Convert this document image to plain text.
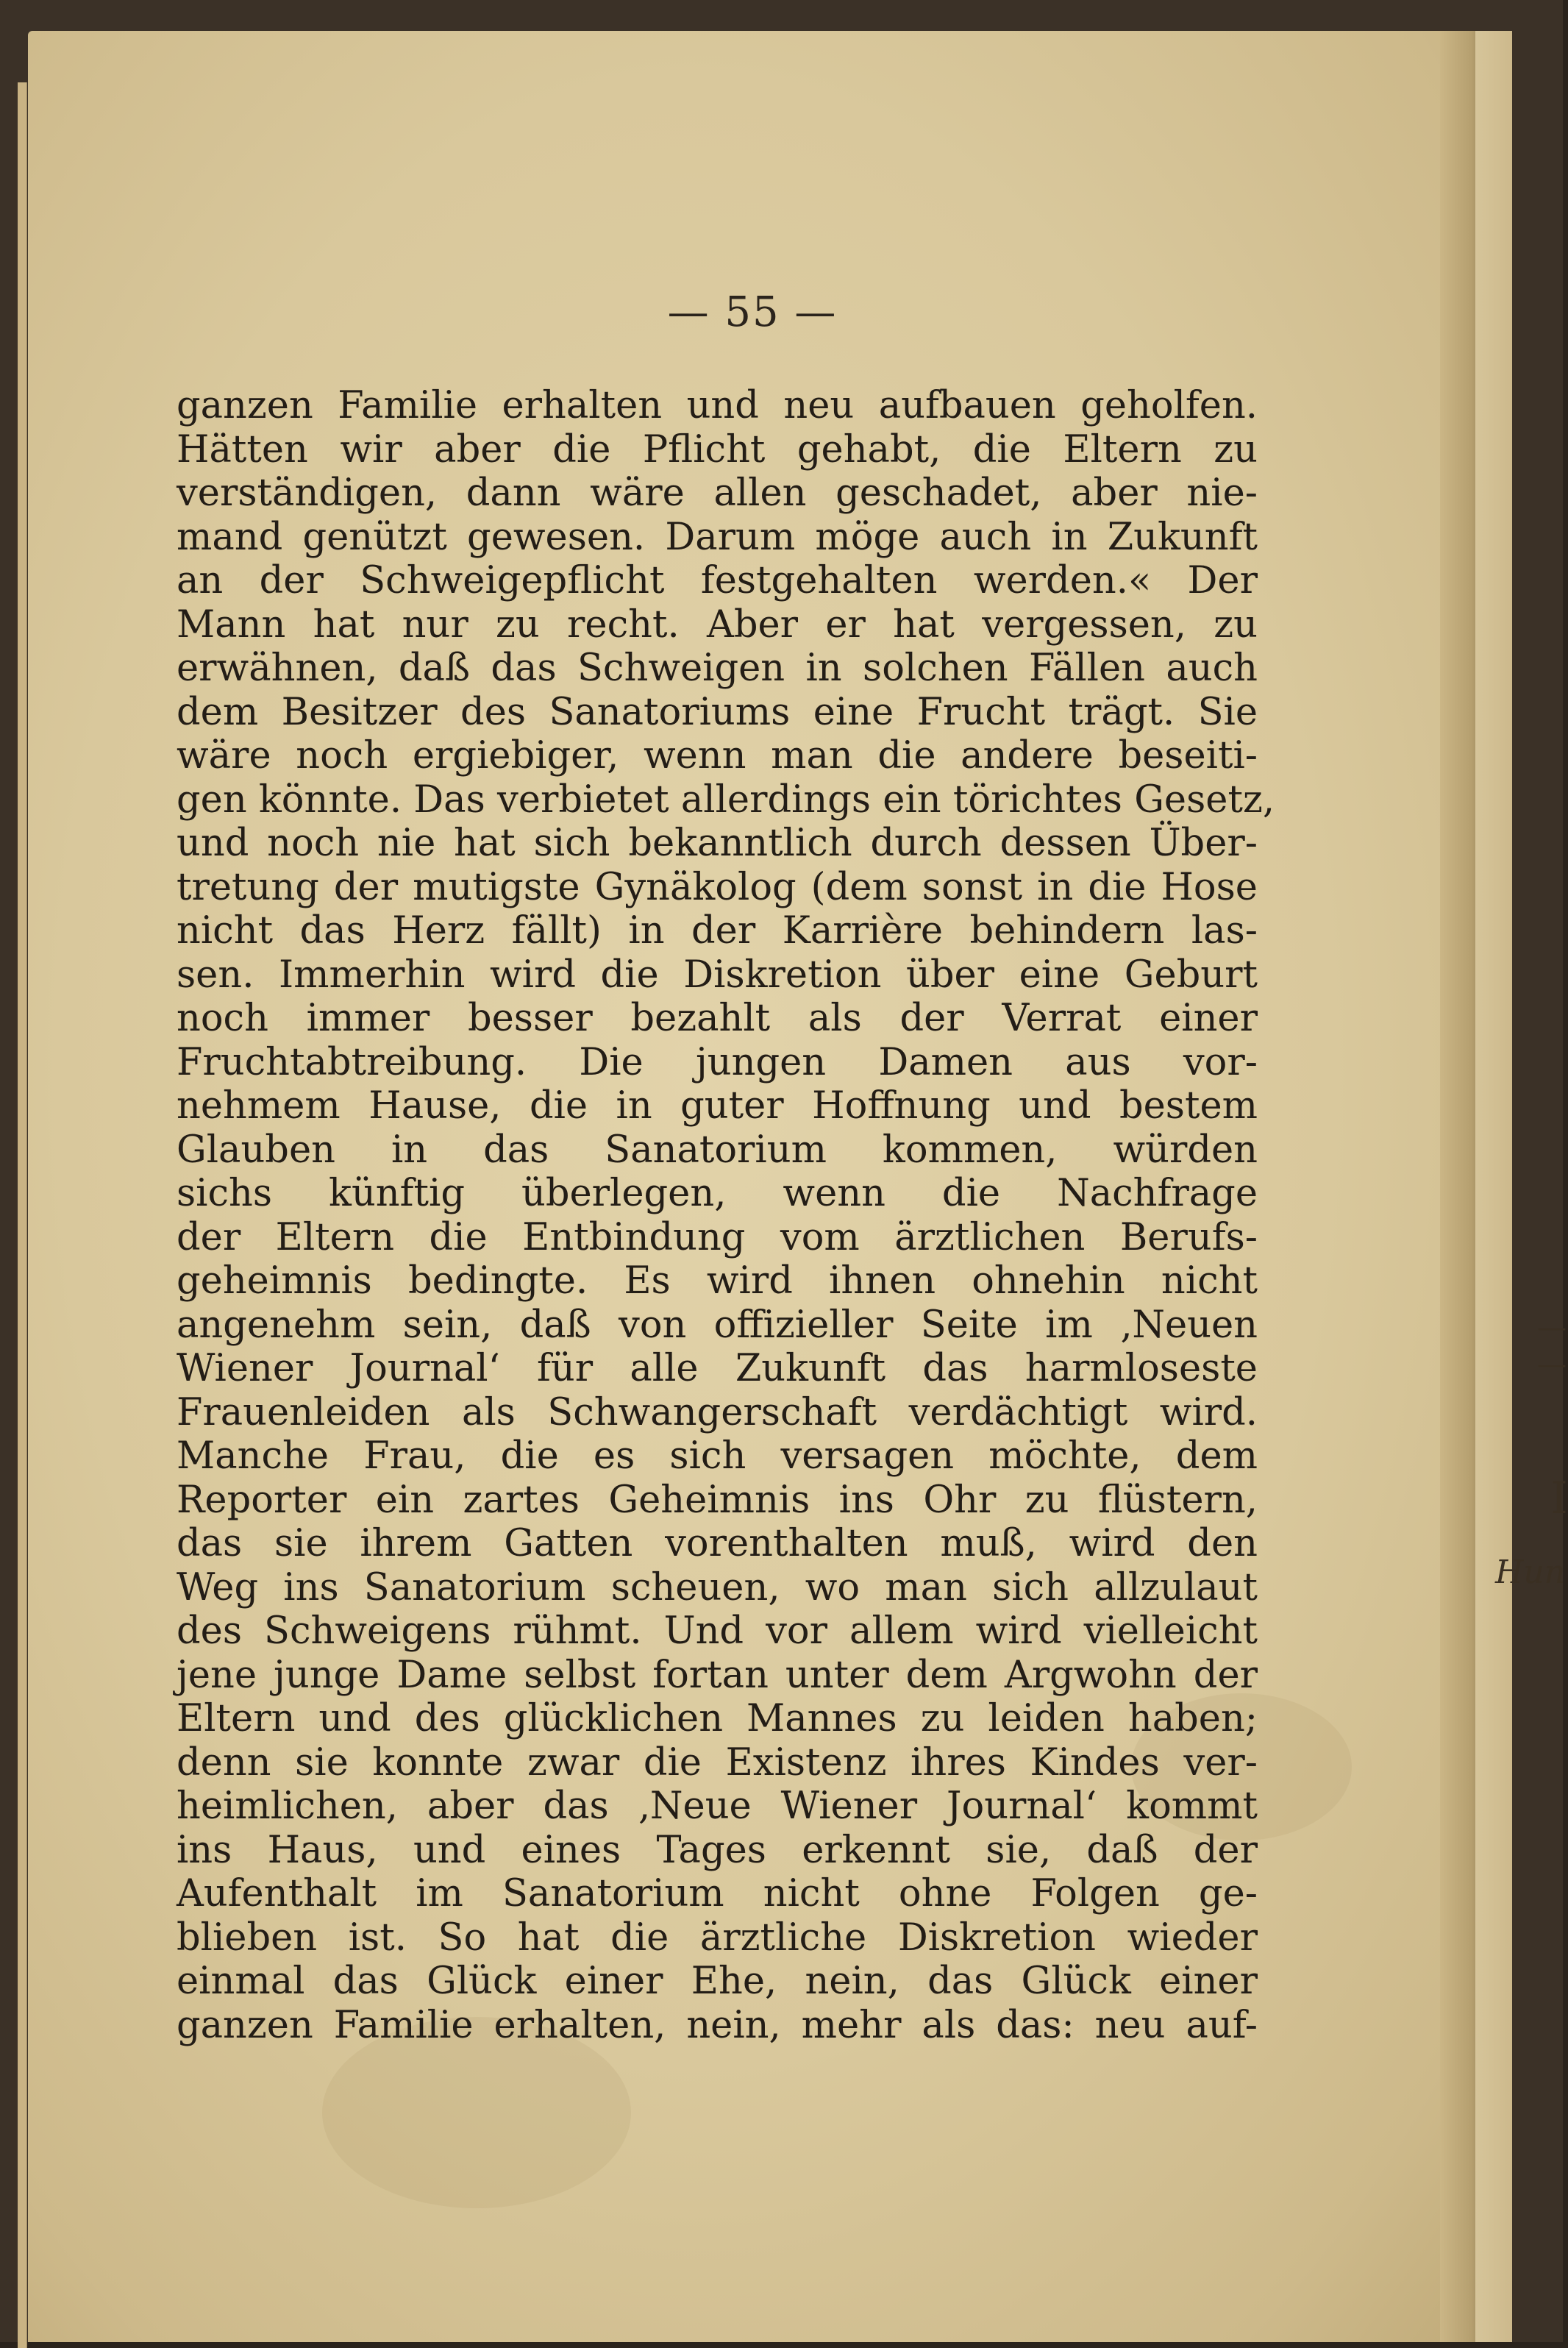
— 55 —
ganzen Familie erhalten und neu aufbauen geholfen.
Hätten wir aber die Pflicht gehabt, die Eltern zu
verständigen, dann wäre allen geschadet, aber nie-
mand genützt gewesen. Darum möge auch in Zukunft
an der Schweigepflicht festgehalten werden.« Der
Mann hat nur zu recht. Aber er hat vergessen, zu
erwähnen, daß das Schweigen in solchen Fällen auch
dem Besitzer des Sanatoriums eine Frucht trägt. Sie
wäre noch ergiebiger, wenn man die andere beseiti-
gen könnte. Das verbietet allerdings ein törichtes Gesetz,
und noch nie hat sich bekanntlich durch dessen Über-
tretung der mutigste Gynäkolog (dem sonst in die Hose
nicht das Herz fällt) in der Karrière behindern las-
sen. Immerhin wird die Diskretion über eine Geburt
noch immer besser bezahlt als der Verrat einer
Fruchtabtreibung. Die jungen Damen aus vor-
nehmem Hause, die in guter Hoffnung und bestem
Glauben in das Sanatorium kommen, würden
sichs künftig überlegen, wenn die Nachfrage
der Eltern die Entbindung vom ärztlichen Berufs-
geheimnis bedingte. Es wird ihnen ohnehin nicht
angenehm sein, daß von offizieller Seite im ‚Neuen
Wiener Journal‘ für alle Zukunft das harmloseste
Frauenleiden als Schwangerschaft verdächtigt wird.
Manche Frau, die es sich versagen möchte, dem
Reporter ein zartes Geheimnis ins Ohr zu flüstern,
das sie ihrem Gatten vorenthalten muß, wird den
Weg ins Sanatorium scheuen, wo man sich allzulaut
des Schweigens rühmt. Und vor allem wird vielleicht
jene junge Dame selbst fortan unter dem Argwohn der
Eltern und des glücklichen Mannes zu leiden haben;
denn sie konnte zwar die Existenz ihres Kindes ver-
heimlichen, aber das ‚Neue Wiener Journal‘ kommt
ins Haus, und eines Tages erkennt sie, daß der
Aufenthalt im Sanatorium nicht ohne Folgen ge-
blieben ist. So hat die ärztliche Diskretion wieder
einmal das Glück einer Ehe, nein, das Glück einer
ganzen Familie erhalten, nein, mehr als das: neu auf-
I
—
—
Hun
